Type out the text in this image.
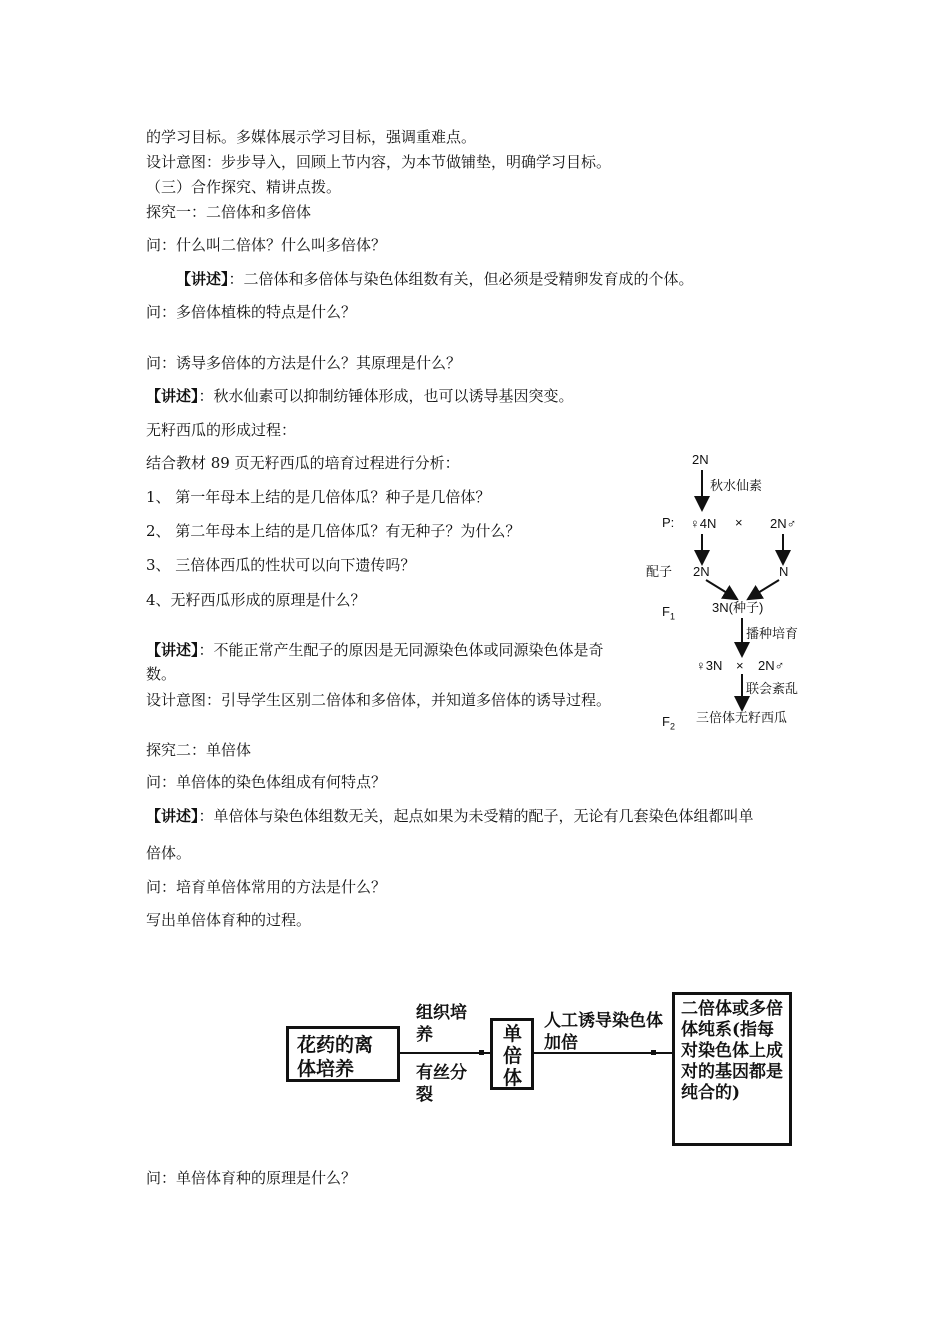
的学习目标。多媒体展示学习目标，强调重难点。
设计意图：步步导入，回顾上节内容，为本节做铺垫，明确学习目标。
（三）合作探究、精讲点拨。
探究一：二倍体和多倍体
问：什么叫二倍体？什么叫多倍体？
【讲述】：二倍体和多倍体与染色体组数有关，但必须是受精卵发育成的个体。
问：多倍体植株的特点是什么？
问：诱导多倍体的方法是什么？其原理是什么？
【讲述】：秋水仙素可以抑制纺锤体形成，也可以诱导基因突变。
无籽西瓜的形成过程：
结合教材 89 页无籽西瓜的培育过程进行分析：
1、 第一年母本上结的是几倍体瓜？种子是几倍体？
2、 第二年母本上结的是几倍体瓜？有无种子？为什么？
3、 三倍体西瓜的性状可以向下遗传吗？
4、无籽西瓜形成的原理是什么？
【讲述】：不能正常产生配子的原因是无同源染色体或同源染色体是奇数。
设计意图：引导学生区别二倍体和多倍体，并知道多倍体的诱导过程。
探究二：单倍体
问：单倍体的染色体组成有何特点？
【讲述】：单倍体与染色体组数无关，起点如果为未受精的配子，无论有几套染色体组都叫单
倍体。
问：培育单倍体常用的方法是什么？
写出单倍体育种的过程。
问：单倍体育种的原理是什么？
2N
秋水仙素
P: ♀4N × 2N♂
配子 2N	N
$F_1$
3N(种子)
播种培育
♀3N × 2N♂
联会紊乱
$F_2$
三倍体无籽西瓜
花药的离体培养
组织培养
有丝分裂
单倍体
人工诱导染色体加倍
二倍体或多倍体纯系(指每对染色体上成对的基因都是纯合的)
